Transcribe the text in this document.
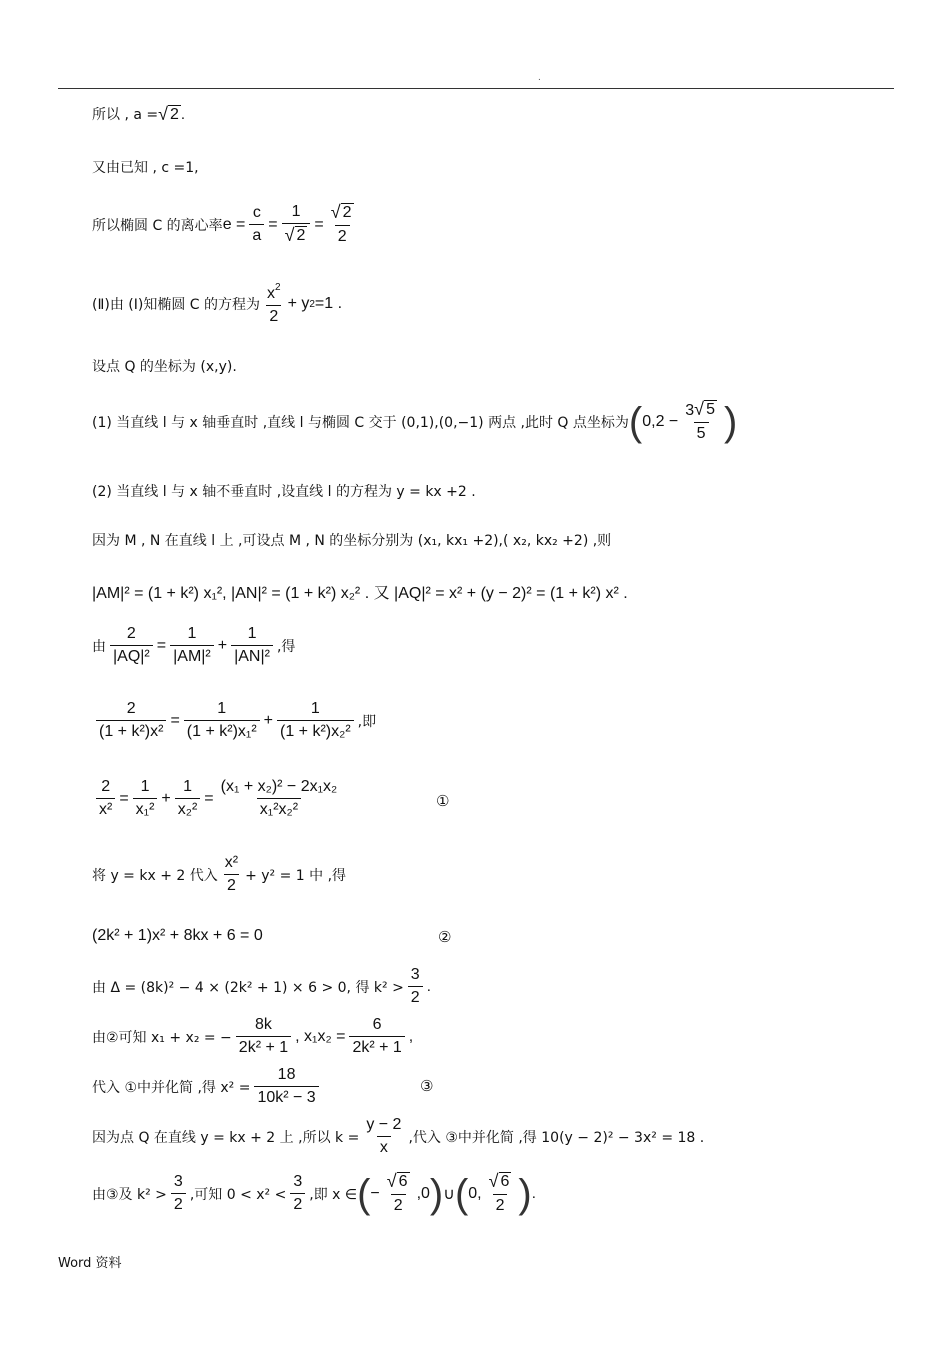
.
所以 , a = √ 2 .
又由已知 , c =1,
所以椭圆 C 的离心率 $e = \frac{c}{a} = \frac{1}{√ 2} = \frac{√ 2}{2}$
(Ⅱ)由 (Ⅰ)知椭圆 C 的方程为 $\frac{x^2}{2} + y$ 2 =1 .
设点 Q 的坐标为 (x,y).
(1) 当直线 l 与 x 轴垂直时 ,直线 l 与椭圆 C 交于 (0,1),(0,−1) 两点 ,此时 Q 点坐标为 ( $0,2 - \frac{3 √ 5}{5}$ )
(2) 当直线 l 与 x 轴不垂直时 ,设直线 l 的方程为 y = kx +2 .
因为 M , N 在直线 l 上 ,可设点 M , N 的坐标分别为 (x₁, kx₁ +2),( x₂, kx₂ +2) ,则
|AM|² = (1 + k²) x₁², |AN|² = (1 + k²) x₂² . 又 |AQ|² = x² + (y − 2)² = (1 + k²) x² .
由 $\frac{2}{\text{|AQ|²}} = \frac{1}{\text{|AM|²}} + \frac{1}{\text{|AN|²}}$ ,得
$\frac{2}{\text{(1 + k²)x²}} = \frac{1}{\text{(1 + k²)x₁²}} + \frac{1}{\text{(1 + k²)x₂²}}$ ,即
$\frac{2}{\text{x²}} = \frac{1}{\text{x₁²}} + \frac{1}{\text{x₂²}} = \frac{\text{(x₁ + x₂)² − 2x₁x₂}}{\text{x₁²x₂²}}$	①
将 y = kx + 2 代入 $\frac{\text{x²}}{2} + y^2 = 1$ 中 ,得
(2k² + 1)x² + 8kx + 6 = 0	②
由 Δ = (8k)² − 4 × (2k² + 1) × 6 > 0, 得 $k^2 > \frac{3}{2}$ .
由②可知 x₁ + x₂ = − $\frac{8k}{\text{2k² + 1}}$ , $x_1x_2 = \frac{6}{\text{2k² + 1}}$ ,
代入 ①中并化简 ,得 $x^2 = \frac{18}{\text{10k² − 3}}$	③
因为点 Q 在直线 y = kx + 2 上 ,所以 $k = \frac{y - 2}{x}$ ,代入 ③中并化简 ,得 10(y − 2)² − 3x² = 18 .
由③及 $k^2 > \frac{3}{2}$ ,可知 $0 < x^2 < \frac{3}{2}$ ,即 x ∈ ( − $\frac{√ 6}{2} ,0$ ) ∪ ( 0, $\frac{√ 6}{2}$ ) .
Word 资料
